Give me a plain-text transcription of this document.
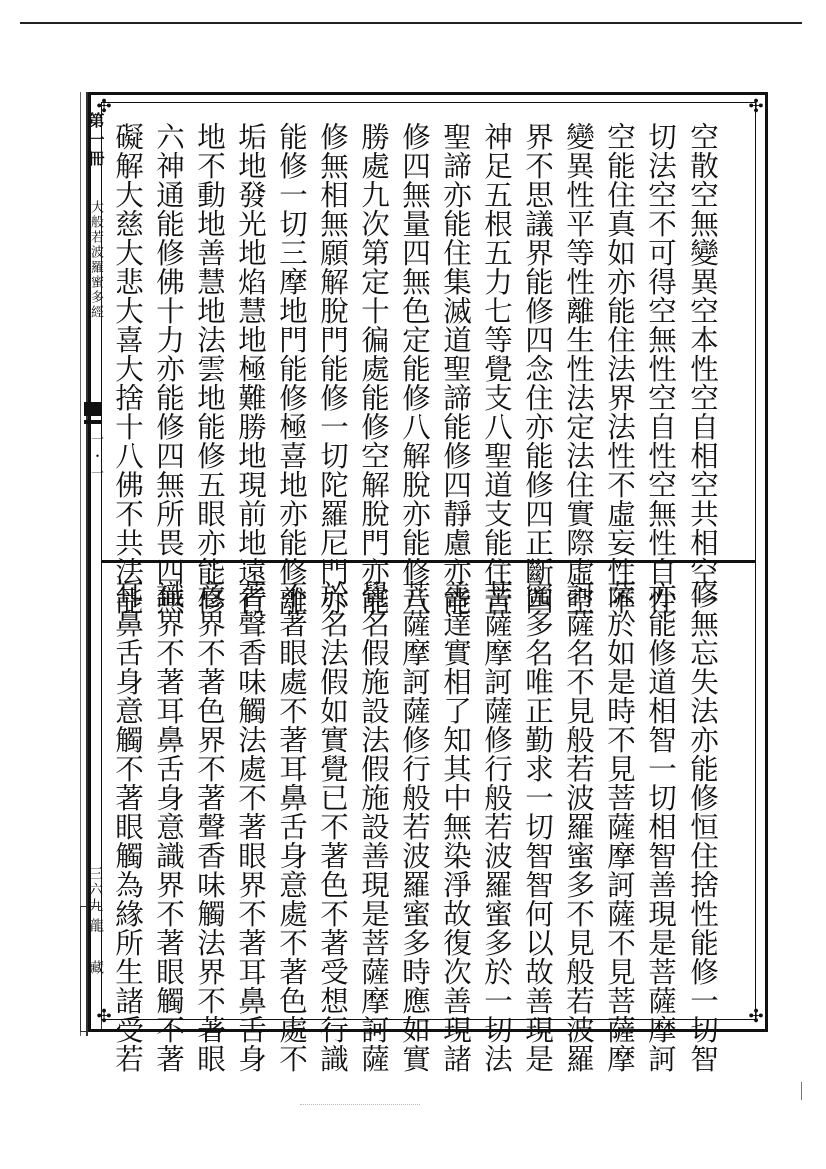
第一冊
大般若波羅蜜多經
一・一
三六九
龍藏
✣	✣
✣	✣
空散空無變異空本性空自相空共相空一
切法空不可得空無性空自性空無性自性
空能住真如亦能住法界法性不虛妄性不
變異性平等性離生性法定法住實際虛空
界不思議界能修四念住亦能修四正斷四
神足五根五力七等覺支八聖道支能住苦
聖諦亦能住集滅道聖諦能修四靜慮亦能
修四無量四無色定能修八解脫亦能修八
勝處九次第定十徧處能修空解脫門亦能
修無相無願解脫門能修一切陀羅尼門亦
能修一切三摩地門能修極喜地亦能修離
垢地發光地焰慧地極難勝地現前地遠行
地不動地善慧地法雲地能修五眼亦能修
六神通能修佛十力亦能修四無所畏四無
礙解大慈大悲大喜大捨十八佛不共法能
修無忘失法亦能修恒住捨性能修一切智
亦能修道相智一切相智善現是菩薩摩訶
薩於如是時不見菩薩摩訶薩不見菩薩摩
訶薩名不見般若波羅蜜多不見般若波羅
蜜多名唯正勤求一切智智何以故善現是
菩薩摩訶薩修行般若波羅蜜多於一切法
善達實相了知其中無染淨故復次善現諸
菩薩摩訶薩修行般若波羅蜜多時應如實
覺名假施設法假施設善現是菩薩摩訶薩
於名法假如實覺已不著色不著受想行識
不著眼處不著耳鼻舌身意處不著色處不
著聲香味觸法處不著眼界不著耳鼻舌身
意界不著色界不著聲香味觸法界不著眼
識界不著耳鼻舌身意識界不著眼觸不著
耳鼻舌身意觸不著眼觸為緣所生諸受若
